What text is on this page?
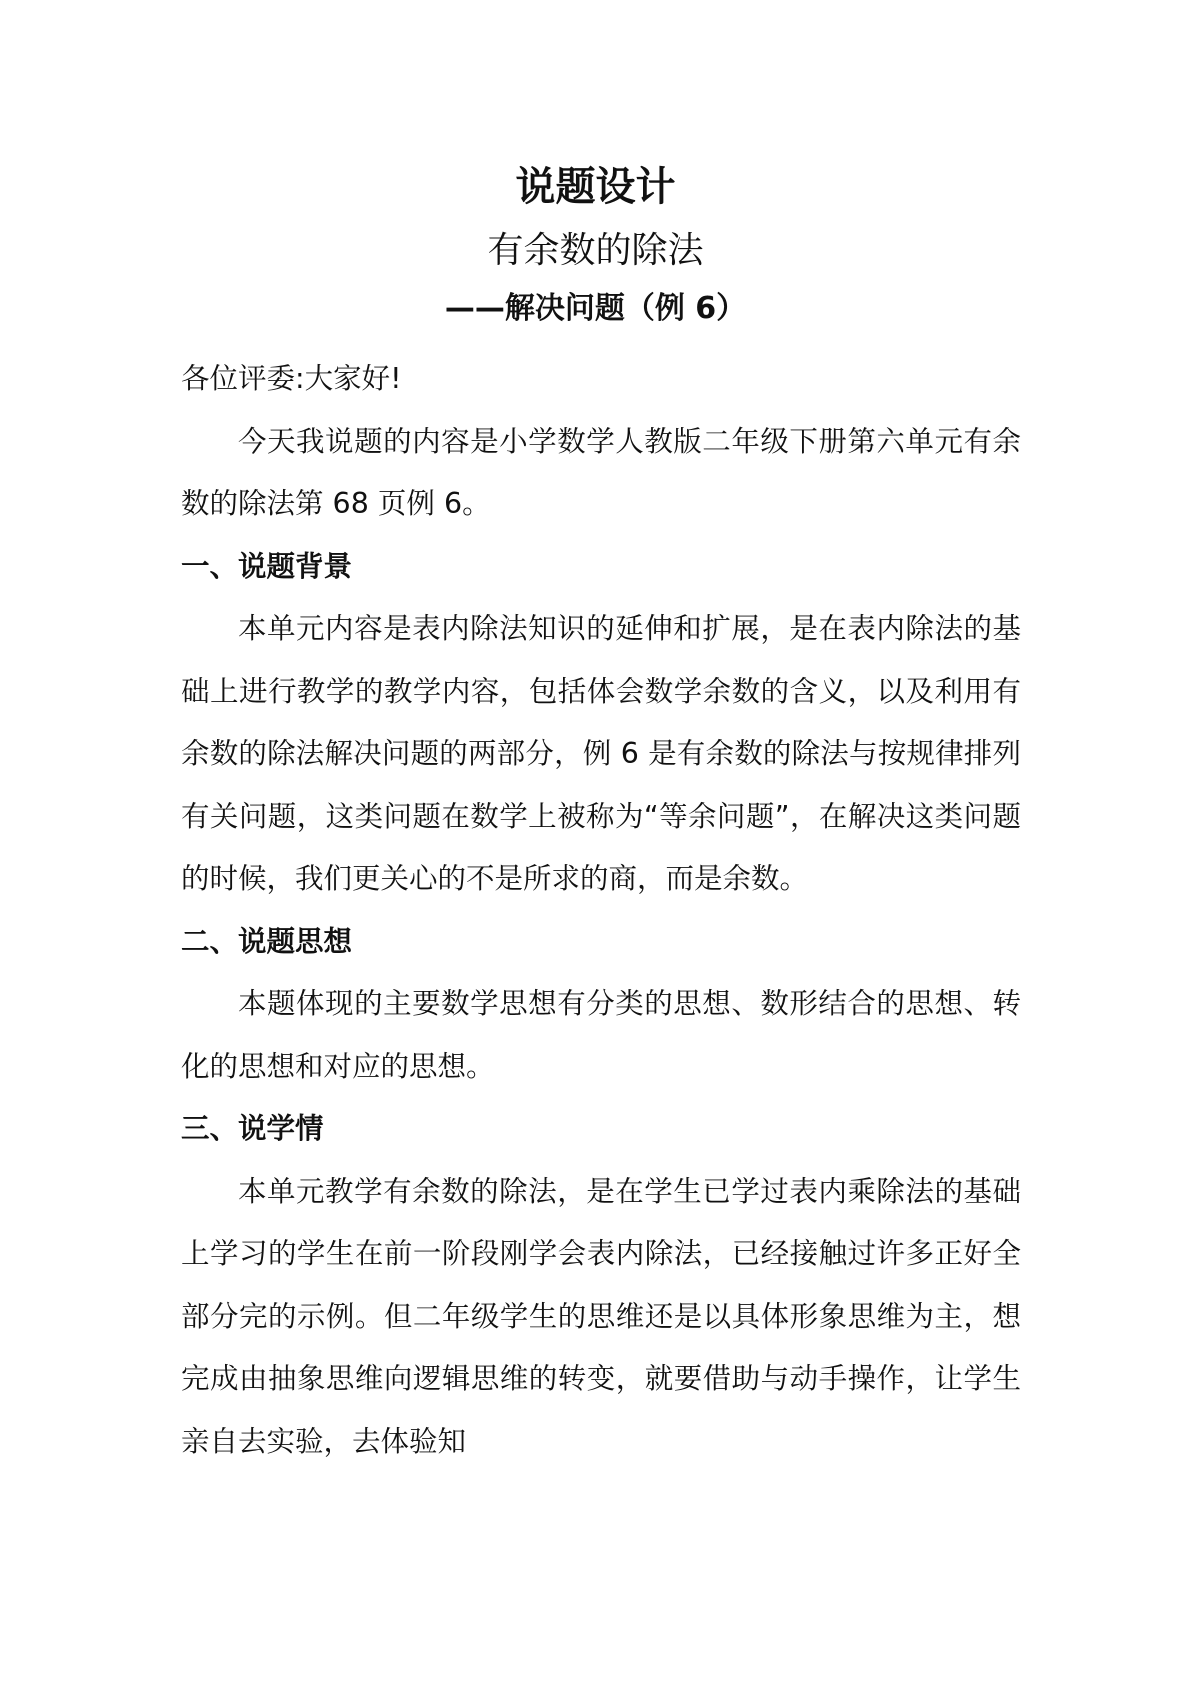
说题设计
有余数的除法
——解决问题（例 6）

各位评委:大家好!

今天我说题的内容是小学数学人教版二年级下册第六单元有余数的除法第 68 页例 6。

一、说题背景

本单元内容是表内除法知识的延伸和扩展，是在表内除法的基础上进行教学的教学内容，包括体会数学余数的含义，以及利用有余数的除法解决问题的两部分，例 6 是有余数的除法与按规律排列有关问题，这类问题在数学上被称为“等余问题”，在解决这类问题的时候，我们更关心的不是所求的商，而是余数。

二、说题思想

本题体现的主要数学思想有分类的思想、数形结合的思想、转化的思想和对应的思想。

三、说学情

本单元教学有余数的除法，是在学生已学过表内乘除法的基础上学习的学生在前一阶段刚学会表内除法，已经接触过许多正好全部分完的示例。但二年级学生的思维还是以具体形象思维为主，想完成由抽象思维向逻辑思维的转变，就要借助与动手操作，让学生亲自去实验，去体验知
